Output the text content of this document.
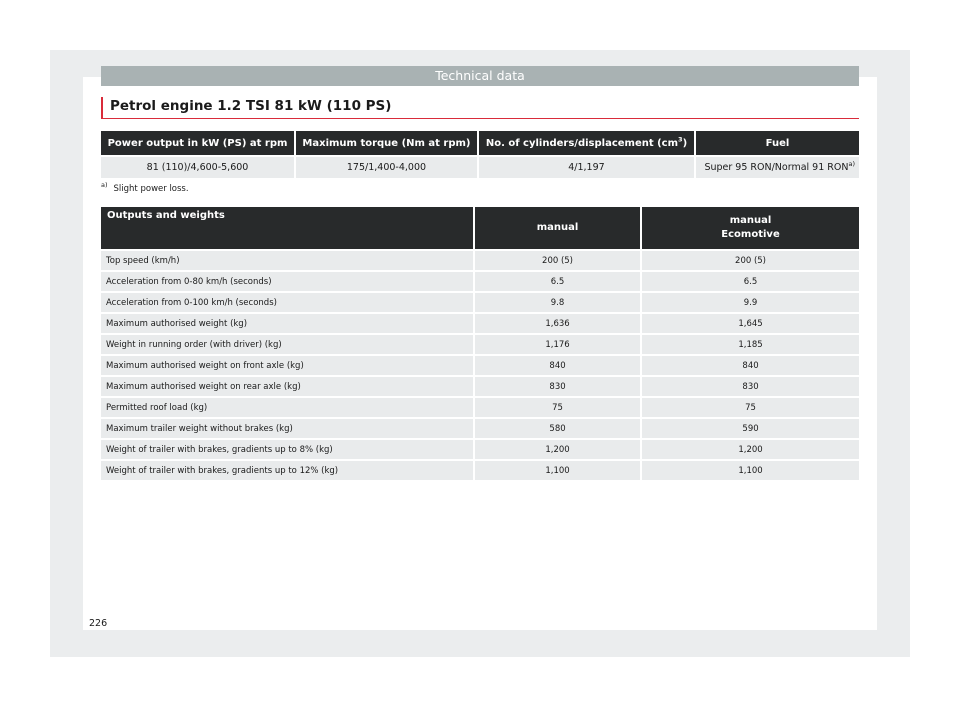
Technical data
Petrol engine 1.2 TSI 81 kW (110 PS)
Power output in kW (PS) at rpm	Maximum torque (Nm at rpm)	No. of cylinders/displacement $(cm^3)$	Fuel
81 (110)/4,600-5,600	175/1,400-4,000	4/1,197	Super 95 RON/Normal 91 RON$^{a)}$
$^{a)}$ Slight power loss.
Outputs and weights	manual	manual
Ecomotive

Top speed (km/h)	200 (5)	200 (5)
Acceleration from 0-80 km/h (seconds)	6.5	6.5
Acceleration from 0-100 km/h (seconds)	9.8	9.9
Maximum authorised weight (kg)	1,636	1,645
Weight in running order (with driver) (kg)	1,176	1,185
Maximum authorised weight on front axle (kg)	840	840
Maximum authorised weight on rear axle (kg)	830	830
Permitted roof load (kg)	75	75
Maximum trailer weight without brakes (kg)	580	590
Weight of trailer with brakes, gradients up to 8% (kg)	1,200	1,200
Weight of trailer with brakes, gradients up to 12% (kg)	1,100	1,100
226
